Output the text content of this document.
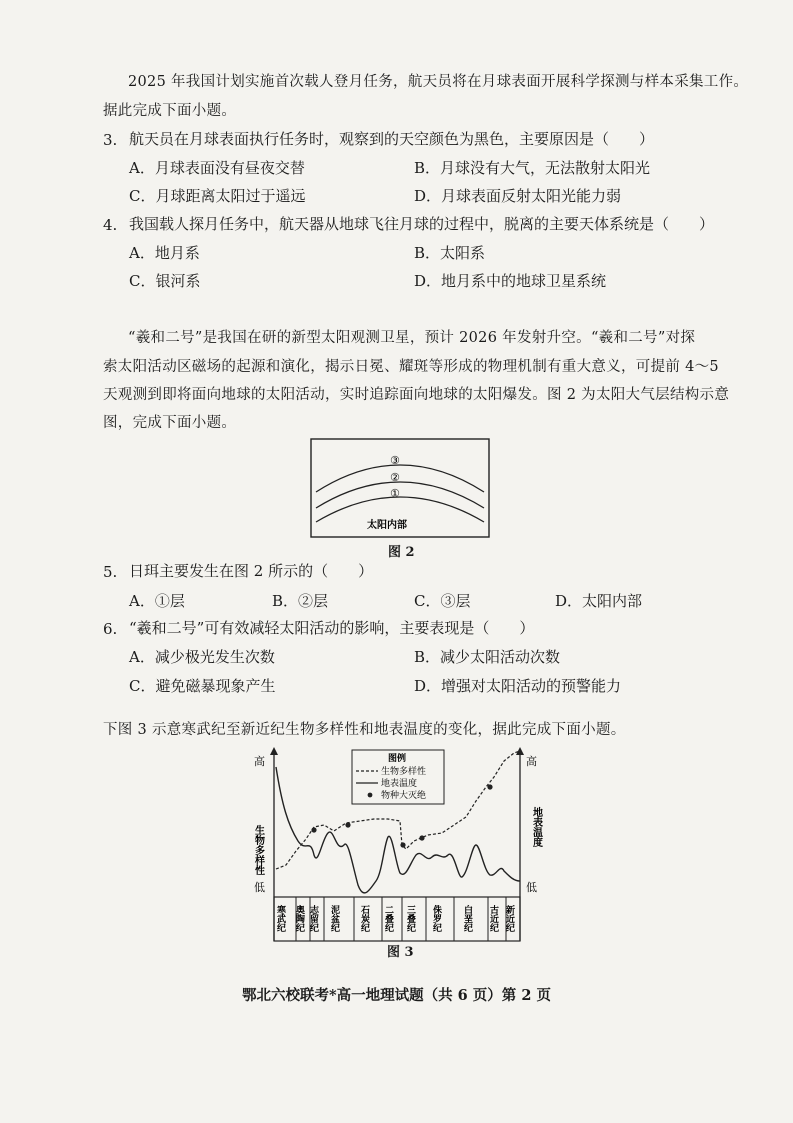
2025 年我国计划实施首次载人登月任务，航天员将在月球表面开展科学探测与样本采集工作。
据此完成下面小题。
3. 航天员在月球表面执行任务时，观察到的天空颜色为黑色，主要原因是（　　）
A．月球表面没有昼夜交替	B．月球没有大气，无法散射太阳光
C．月球距离太阳过于遥远	D．月球表面反射太阳光能力弱
4. 我国载人探月任务中，航天器从地球飞往月球的过程中，脱离的主要天体系统是（　　）
A．地月系	B．太阳系
C．银河系	D．地月系中的地球卫星系统
“羲和二号”是我国在研的新型太阳观测卫星，预计 2026 年发射升空。“羲和二号”对探
索太阳活动区磁场的起源和演化，揭示日冕、耀斑等形成的物理机制有重大意义，可提前 4～5
天观测到即将面向地球的太阳活动，实时追踪面向地球的太阳爆发。图 2 为太阳大气层结构示意
图，完成下面小题。
③
②
①
太阳内部
图 2
5. 日珥主要发生在图 2 所示的（　　）
A．①层	B．②层	C．③层	D．太阳内部
6. “羲和二号”可有效减轻太阳活动的影响，主要表现是（　　）
A．减少极光发生次数	B．减少太阳活动次数
C．避免磁暴现象产生	D．增强对太阳活动的预警能力
下图 3 示意寒武纪至新近纪生物多样性和地表温度的变化，据此完成下面小题。
高
低
高
低
生物多样性	地表温度
图例
生物多样性
地表温度
物种大灭绝
寒武纪 奥陶纪 志留纪 泥盆纪 石炭纪 二叠纪 三叠纪 侏罗纪 白垩纪 古近纪 新近纪
图 3
鄂北六校联考*高一地理试题（共 6 页）第 2 页
